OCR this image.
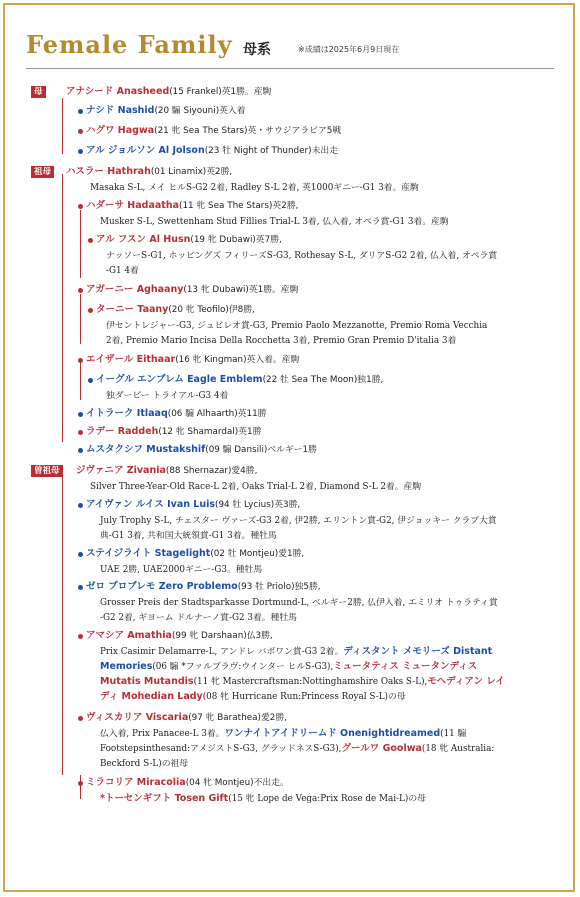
Female Family 母系	※成績は2025年6月9日現在
母	アナシード Anasheed(15 Frankel)英1勝。産駒
ナシド Nashid(20 騸 Siyouni)英入着
ハグワ Hagwa(21 牝 Sea The Stars)英・サウジアラビア5戦
アル ジョルソン Al Jolson(23 牡 Night of Thunder)未出走
祖母	ハスラー Hathrah(01 Linamix)英2勝,
Masaka S-L, メイ ヒルS-G2 2着, Radley S-L 2着, 英1000ギニー-G1 3着。産駒
ハダーサ Hadaatha(11 牝 Sea The Stars)英2勝,
Musker S-L, Swettenham Stud Fillies Trial-L 3着, 仏入着, オペラ賞-G1 3着。産駒
アル フスン Al Husn(19 牝 Dubawi)英7勝,
ナッソーS-G1, ホッピングズ フィリーズS-G3, Rothesay S-L, ダリアS-G2 2着, 仏入着, オペラ賞
-G1 4着
アガーニー Aghaany(13 牝 Dubawi)英1勝。産駒
ターニー Taany(20 牝 Teofilo)伊8勝,
伊セントレジャー-G3, ジュピレオ賞-G3, Premio Paolo Mezzanotte, Premio Roma Vecchia
2着, Premio Mario Incisa Della Rocchetta 3着, Premio Gran Premio D'italia 3着
エイザール Eithaar(16 牝 Kingman)英入着。産駒
イーグル エンブレム Eagle Emblem(22 牡 Sea The Moon)独1勝,
独ダービー トライアル-G3 4着
イトラーク Itlaaq(06 騸 Alhaarth)英11勝
ラデー Raddeh(12 牝 Shamardal)英1勝
ムスタクシフ Mustakshif(09 騸 Dansili)ベルギー1勝
曽祖母	ジヴァニア Zivania(88 Shernazar)愛4勝,
Silver Three-Year-Old Race-L 2着, Oaks Trial-L 2着, Diamond S-L 2着。産駒
アイヴァン ルイス Ivan Luis(94 牡 Lycius)英3勝,
July Trophy S-L, チェスター ヴァーズ-G3 2着, 伊2勝, エリントン賞-G2, 伊ジョッキー クラブ大賞
典-G1 3着, 共和国大統領賞-G1 3着。種牡馬
ステイジライト Stagelight(02 牡 Montjeu)愛1勝,
UAE 2勝, UAE2000ギニー-G3。種牡馬
ゼロ プロブレモ Zero Problemo(93 牡 Priolo)独5勝,
Grosser Preis der Stadtsparkasse Dortmund-L, ベルギー2勝, 仏伊入着, エミリオ トゥラティ賞
-G2 2着, ギヨーム ドルナーノ賞-G2 3着。種牡馬
アマシア Amathia(99 牝 Darshaan)仏3勝,
Prix Casimir Delamarre-L, アンドレ バボワン賞-G3 2着。ディスタント メモリーズ Distant
Memories(06 騸 *ファルブラヴ:ウインター ヒルS-G3),ミュータティス ミュータンディス
Mutatis Mutandis(11 牝 Mastercraftsman:Nottinghamshire Oaks S-L),モヘディアン レイ
ディ Mohedian Lady(08 牝 Hurricane Run:Princess Royal S-L)の母
ヴィスカリア Viscaria(97 牝 Barathea)愛2勝,
仏入着, Prix Panacee-L 3着。ワンナイトアイドリームド Onenightidreamed(11 騸
Footstepsinthesand:アメジストS-G3, グラッドネスS-G3),グールワ Goolwa(18 牝 Australia:
Beckford S-L)の祖母
ミラコリア Miracolia(04 牝 Montjeu)不出走。
*トーセンギフト Tosen Gift(15 牝 Lope de Vega:Prix Rose de Mai-L)の母
